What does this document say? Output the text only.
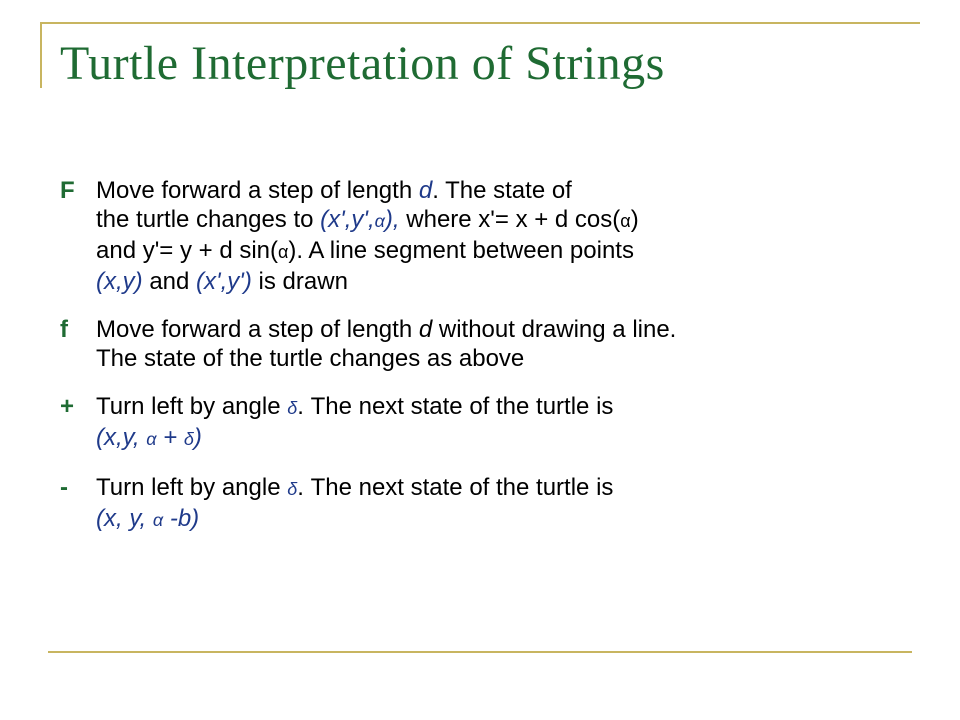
Turtle Interpretation of Strings
F Move forward a step of length d. The state of
the turtle changes to (x',y',α), where x'= x + d cos(α)
and y'= y + d sin(α). A line segment between points
(x,y) and (x',y') is drawn
f	Move forward a step of length d without drawing a line.
The state of the turtle changes as above
+ Turn left by angle δ. The next state of the turtle is
(x,y, α + δ)
-	Turn left by angle δ. The next state of the turtle is
(x, y, α -b)
